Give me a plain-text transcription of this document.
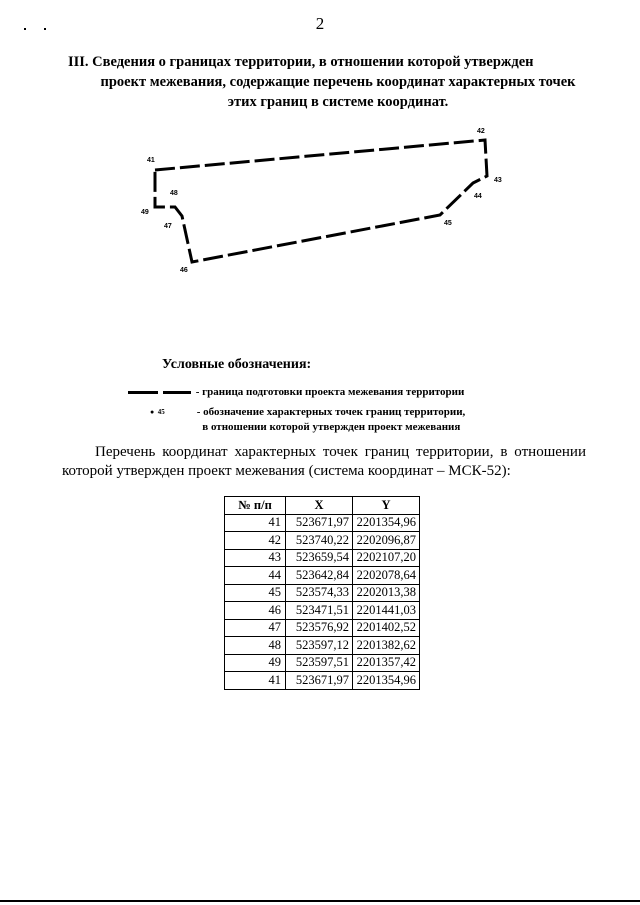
2
III. Сведения о границах территории, в отношении которой утвержден
проект межевания, содержащие перечень координат характерных точек
этих границ в системе координат.
41
42
43
44
45
46
47
48
49
Условные обозначения:
- граница подготовки проекта межевания территории
●  45	- обозначение характерных точек границ территории,
в отношении которой утвержден проект межевания
Перечень координат характерных точек границ территории, в отношении которой утвержден проект межевания (система координат – МСК-52):
№ п/п	X	Y
41	523671,97	2201354,96
42	523740,22	2202096,87
43	523659,54	2202107,20
44	523642,84	2202078,64
45	523574,33	2202013,38
46	523471,51	2201441,03
47	523576,92	2201402,52
48	523597,12	2201382,62
49	523597,51	2201357,42
41	523671,97	2201354,96
